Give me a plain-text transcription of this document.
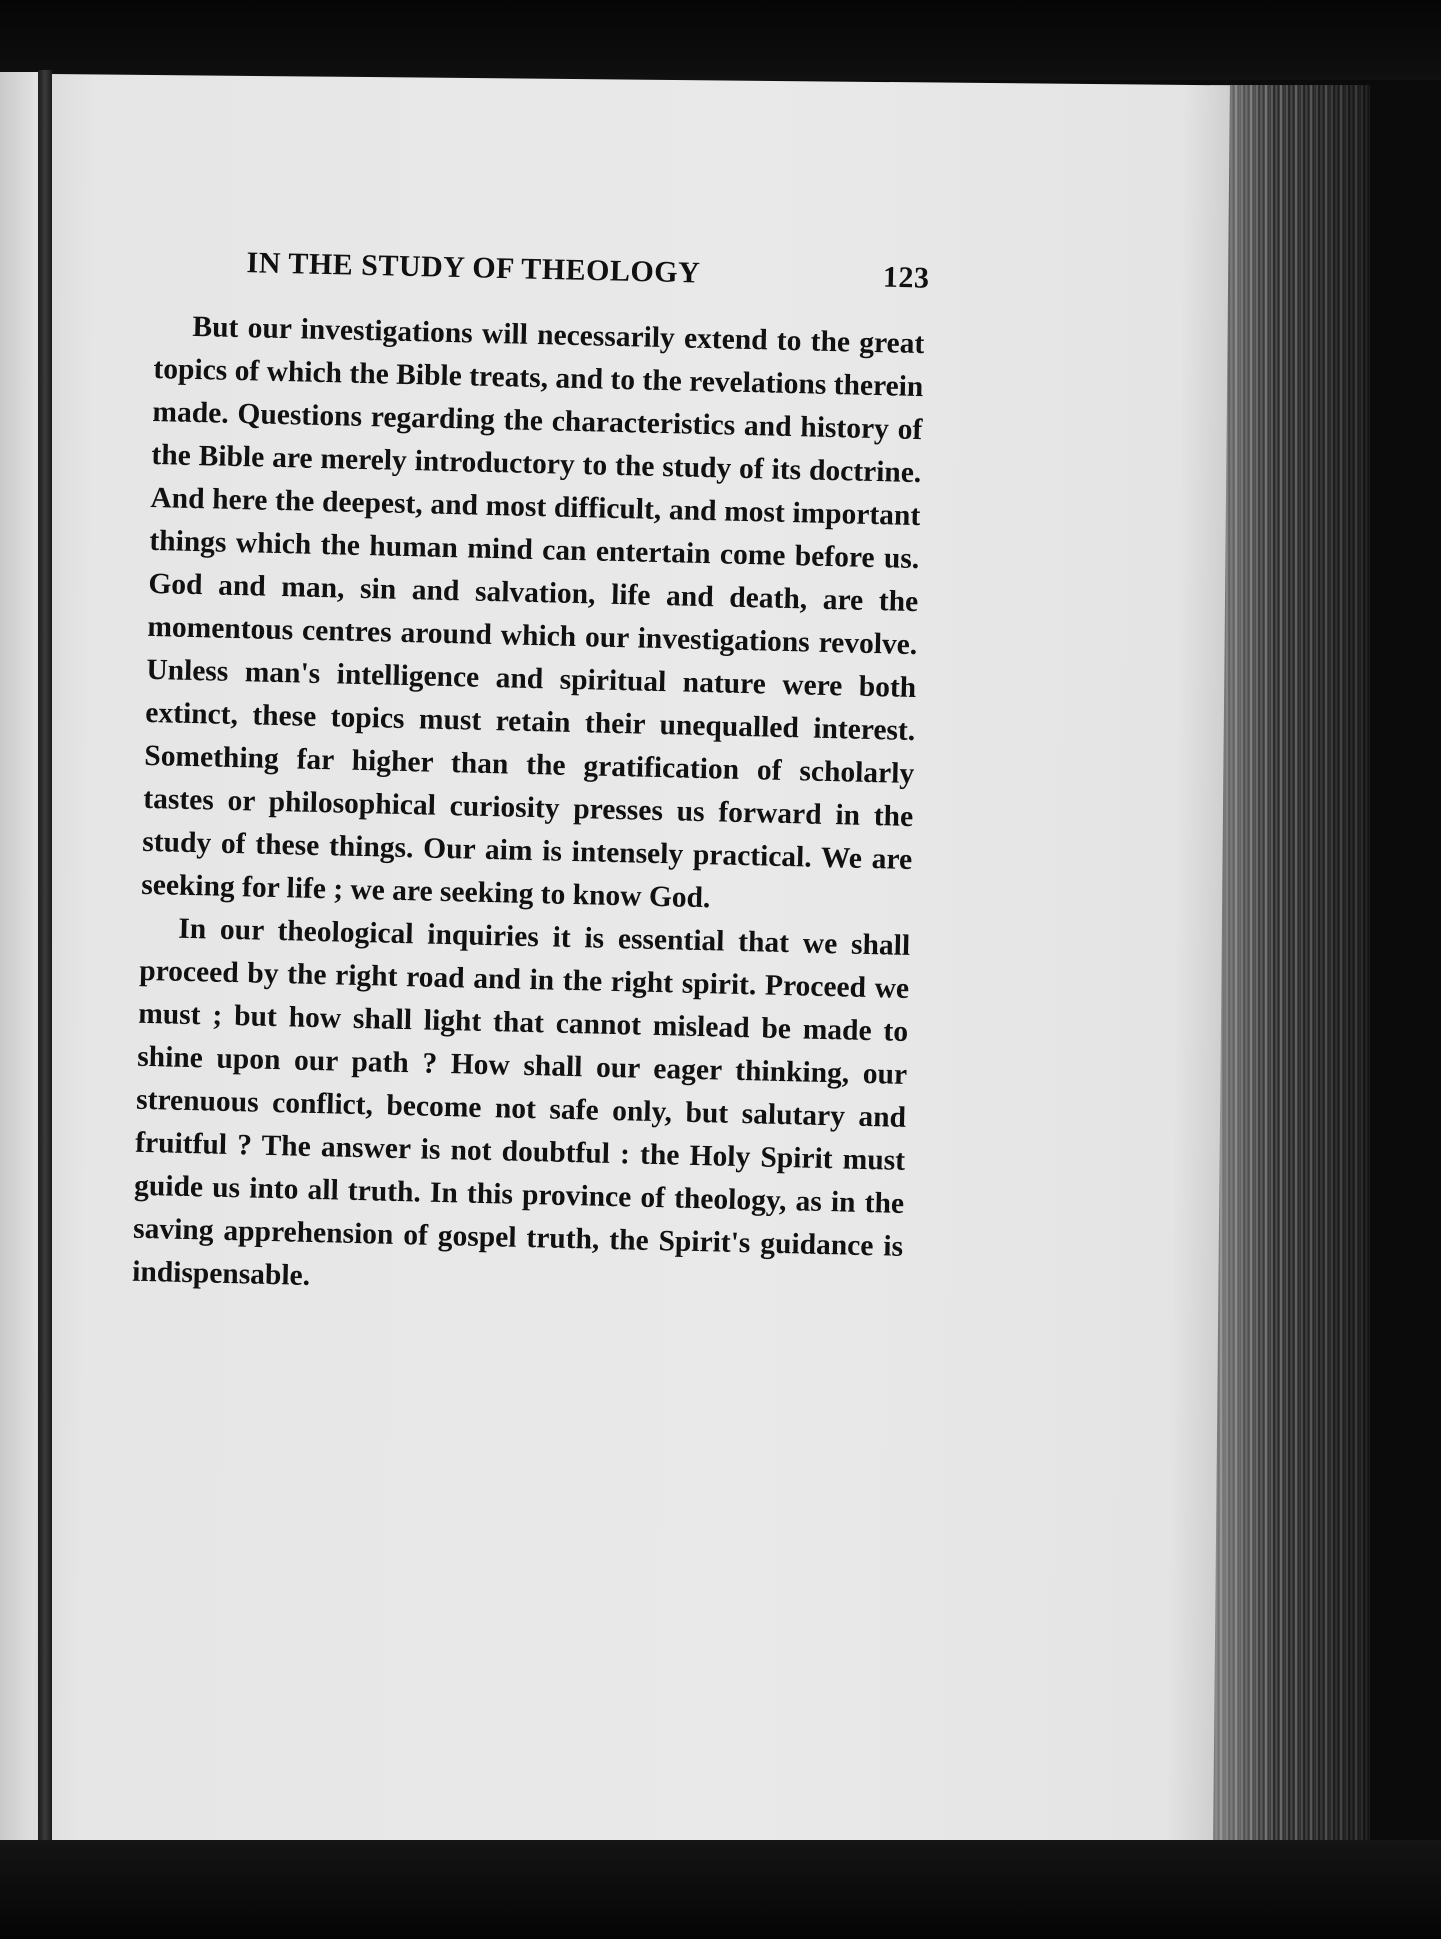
IN THE STUDY OF THEOLOGY	123

But our investigations will necessarily extend to the great topics of which the Bible treats, and to the revelations therein made. Questions regarding the characteristics and history of the Bible are merely introductory to the study of its doctrine. And here the deepest, and most difficult, and most important things which the human mind can entertain come before us. God and man, sin and salvation, life and death, are the momentous centres around which our investigations revolve. Unless man's intelligence and spiritual nature were both extinct, these topics must retain their unequalled interest. Something far higher than the gratification of scholarly tastes or philosophical curiosity presses us forward in the study of these things. Our aim is intensely practical. We are seeking for life ; we are seeking to know God.

In our theological inquiries it is essential that we shall proceed by the right road and in the right spirit. Proceed we must ; but how shall light that cannot mislead be made to shine upon our path ? How shall our eager thinking, our strenuous conflict, become not safe only, but salutary and fruitful ? The answer is not doubtful : the Holy Spirit must guide us into all truth. In this province of theology, as in the saving apprehension of gospel truth, the Spirit's guidance is indispensable.
